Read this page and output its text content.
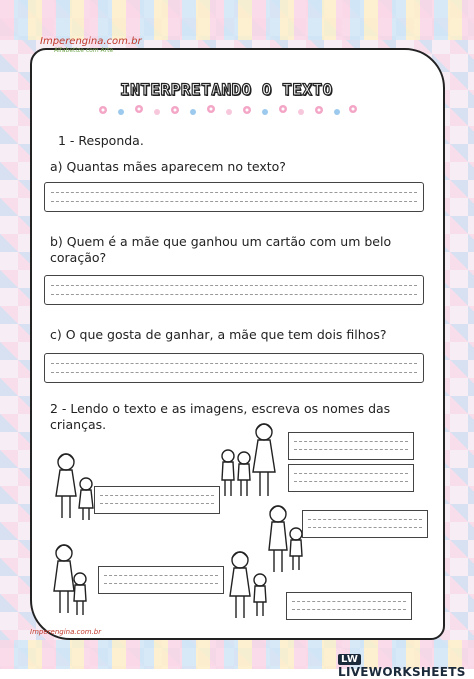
Imperengina.com.br
Alfabetize com Arte
INTERPRETANDO O TEXTO
1 - Responda.
a) Quantas mães aparecem no texto?
b) Quem é a mãe que ganhou um cartão com um belo coração?
c) O que gosta de ganhar, a mãe que tem dois filhos?
2 - Lendo o texto e as imagens, escreva os nomes das crianças.
Imperengina.com.br
LWLIVEWORKSHEETS
